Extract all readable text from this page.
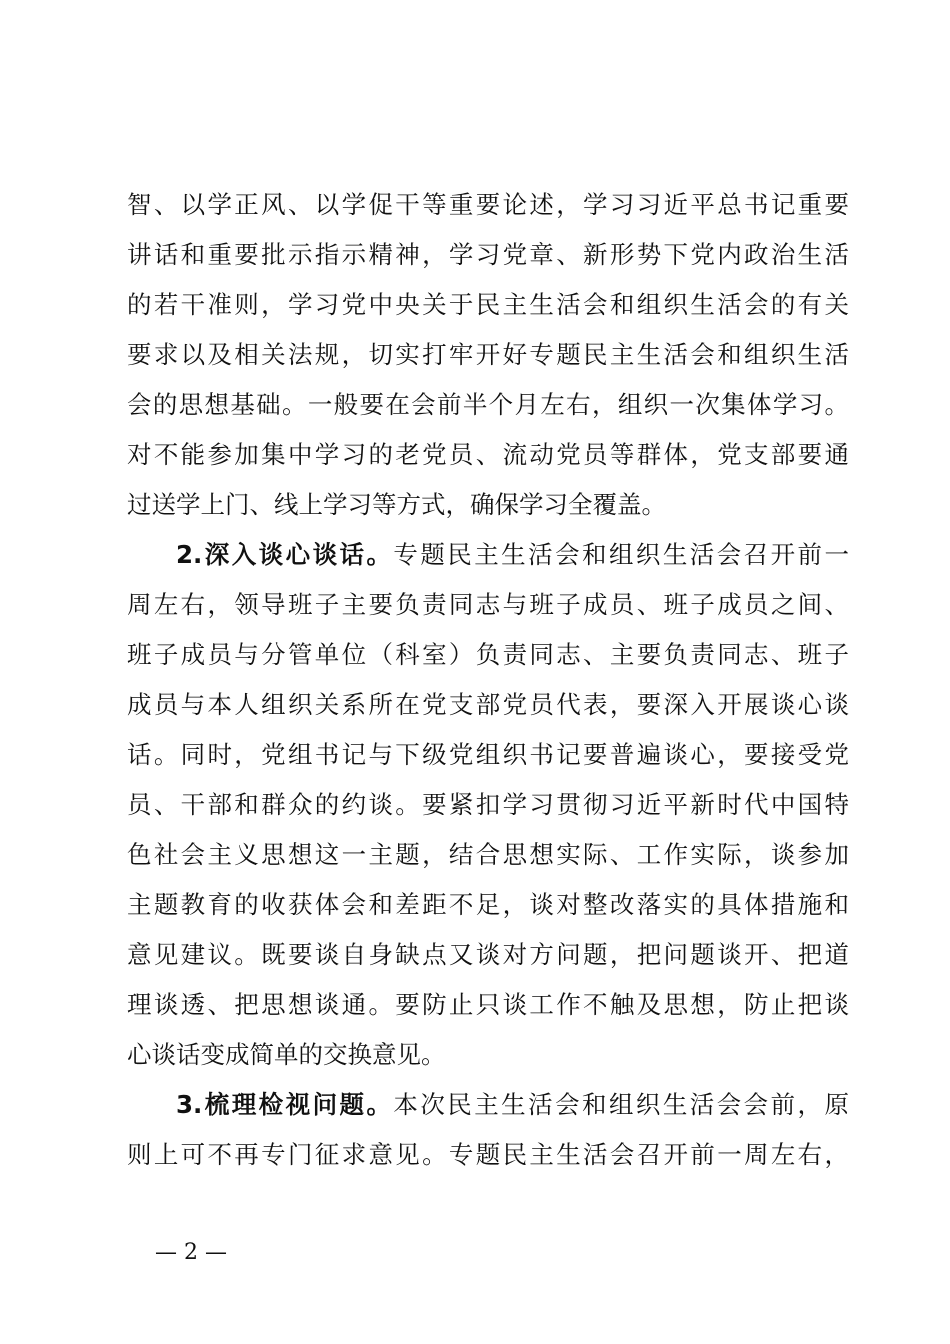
智、以学正风、以学促干等重要论述，学习习近平总书记重要
讲话和重要批示指示精神，学习党章、新形势下党内政治生活
的若干准则，学习党中央关于民主生活会和组织生活会的有关
要求以及相关法规，切实打牢开好专题民主生活会和组织生活
会的思想基础。一般要在会前半个月左右，组织一次集体学习。
对不能参加集中学习的老党员、流动党员等群体，党支部要通
过送学上门、线上学习等方式，确保学习全覆盖。
2.深入谈心谈话。专题民主生活会和组织生活会召开前一
周左右，领导班子主要负责同志与班子成员、班子成员之间、
班子成员与分管单位（科室）负责同志、主要负责同志、班子
成员与本人组织关系所在党支部党员代表，要深入开展谈心谈
话。同时，党组书记与下级党组织书记要普遍谈心，要接受党
员、干部和群众的约谈。要紧扣学习贯彻习近平新时代中国特
色社会主义思想这一主题，结合思想实际、工作实际，谈参加
主题教育的收获体会和差距不足，谈对整改落实的具体措施和
意见建议。既要谈自身缺点又谈对方问题，把问题谈开、把道
理谈透、把思想谈通。要防止只谈工作不触及思想，防止把谈
心谈话变成简单的交换意见。
3.梳理检视问题。本次民主生活会和组织生活会会前，原
则上可不再专门征求意见。专题民主生活会召开前一周左右，
— 2 —
